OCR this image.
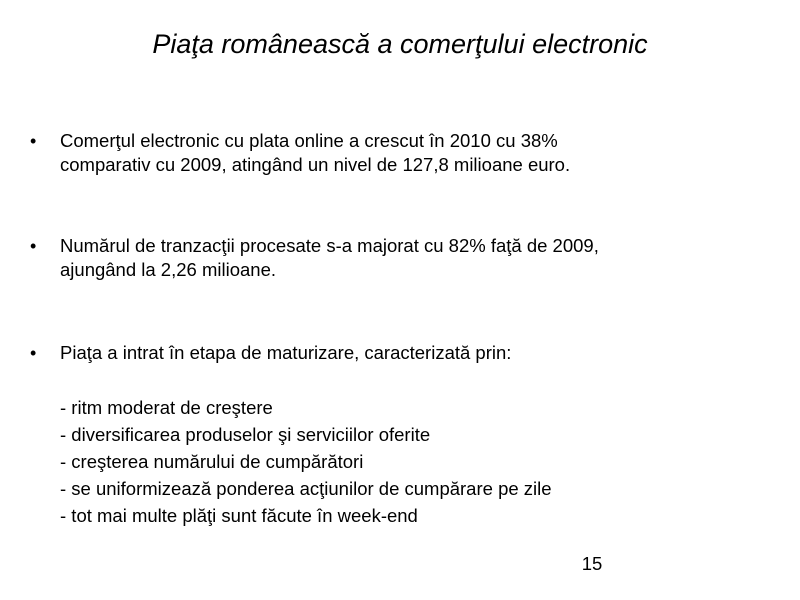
Piaţa românească a comerţului electronic
• Comerţul electronic cu plata online a crescut în 2010 cu 38%
comparativ cu 2009, atingând un nivel de 127,8 milioane euro.
• Numărul de tranzacţii procesate s-a majorat cu 82% faţă de 2009,
ajungând la 2,26 milioane.
• Piaţa a intrat în etapa de maturizare, caracterizată prin:
- ritm moderat de creştere
- diversificarea produselor şi serviciilor oferite
- creşterea numărului de cumpărători
- se uniformizează ponderea acţiunilor de cumpărare pe zile
- tot mai multe plăţi sunt făcute în week-end
15
